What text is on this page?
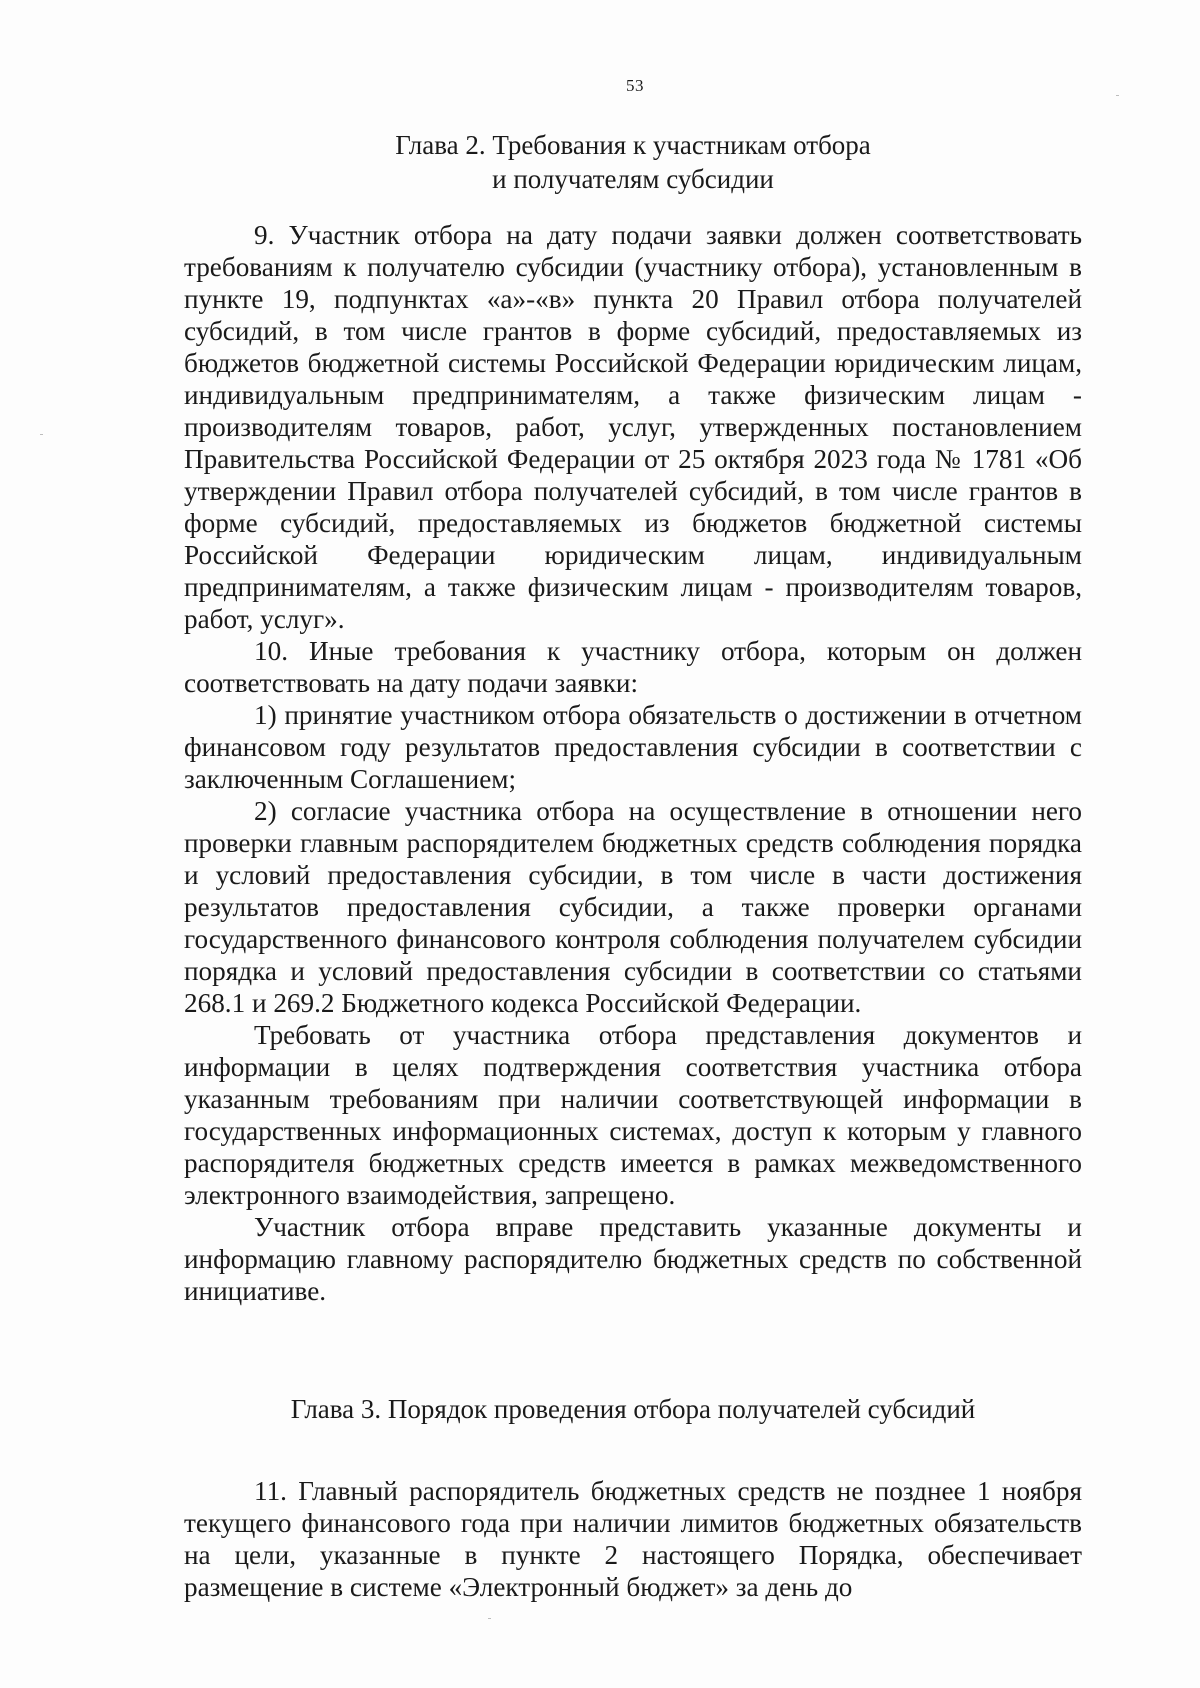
53
Глава 2. Требования к участникам отбора
и получателям субсидии

9. Участник отбора на дату подачи заявки должен соответствовать требованиям к получателю субсидии (участнику отбора), установленным в пункте 19, подпунктах «а»-«в» пункта 20 Правил отбора получателей субсидий, в том числе грантов в форме субсидий, предоставляемых из бюджетов бюджетной системы Российской Федерации юридическим лицам, индивидуальным предпринимателям, а также физическим лицам - производителям товаров, работ, услуг, утвержденных постановлением Правительства Российской Федерации от 25 октября 2023 года № 1781 «Об утверждении Правил отбора получателей субсидий, в том числе грантов в форме субсидий, предоставляемых из бюджетов бюджетной системы Российской Федерации юридическим лицам, индивидуальным предпринимателям, а также физическим лицам - производителям товаров, работ, услуг».

10. Иные требования к участнику отбора, которым он должен соответствовать на дату подачи заявки:

1) принятие участником отбора обязательств о достижении в отчетном финансовом году результатов предоставления субсидии в соответствии с заключенным Соглашением;

2) согласие участника отбора на осуществление в отношении него проверки главным распорядителем бюджетных средств соблюдения порядка и условий предоставления субсидии, в том числе в части достижения результатов предоставления субсидии, а также проверки органами государственного финансового контроля соблюдения получателем субсидии порядка и условий предоставления субсидии в соответствии со статьями 268.1 и 269.2 Бюджетного кодекса Российской Федерации.

Требовать от участника отбора представления документов и информации в целях подтверждения соответствия участника отбора указанным требованиям при наличии соответствующей информации в государственных информационных системах, доступ к которым у главного распорядителя бюджетных средств имеется в рамках межведомственного электронного взаимодействия, запрещено.

Участник отбора вправе представить указанные документы и информацию главному распорядителю бюджетных средств по собственной инициативе.

Глава 3. Порядок проведения отбора получателей субсидий

11. Главный распорядитель бюджетных средств не позднее 1 ноября текущего финансового года при наличии лимитов бюджетных обязательств на цели, указанные в пункте 2 настоящего Порядка, обеспечивает размещение в системе «Электронный бюджет» за день до
